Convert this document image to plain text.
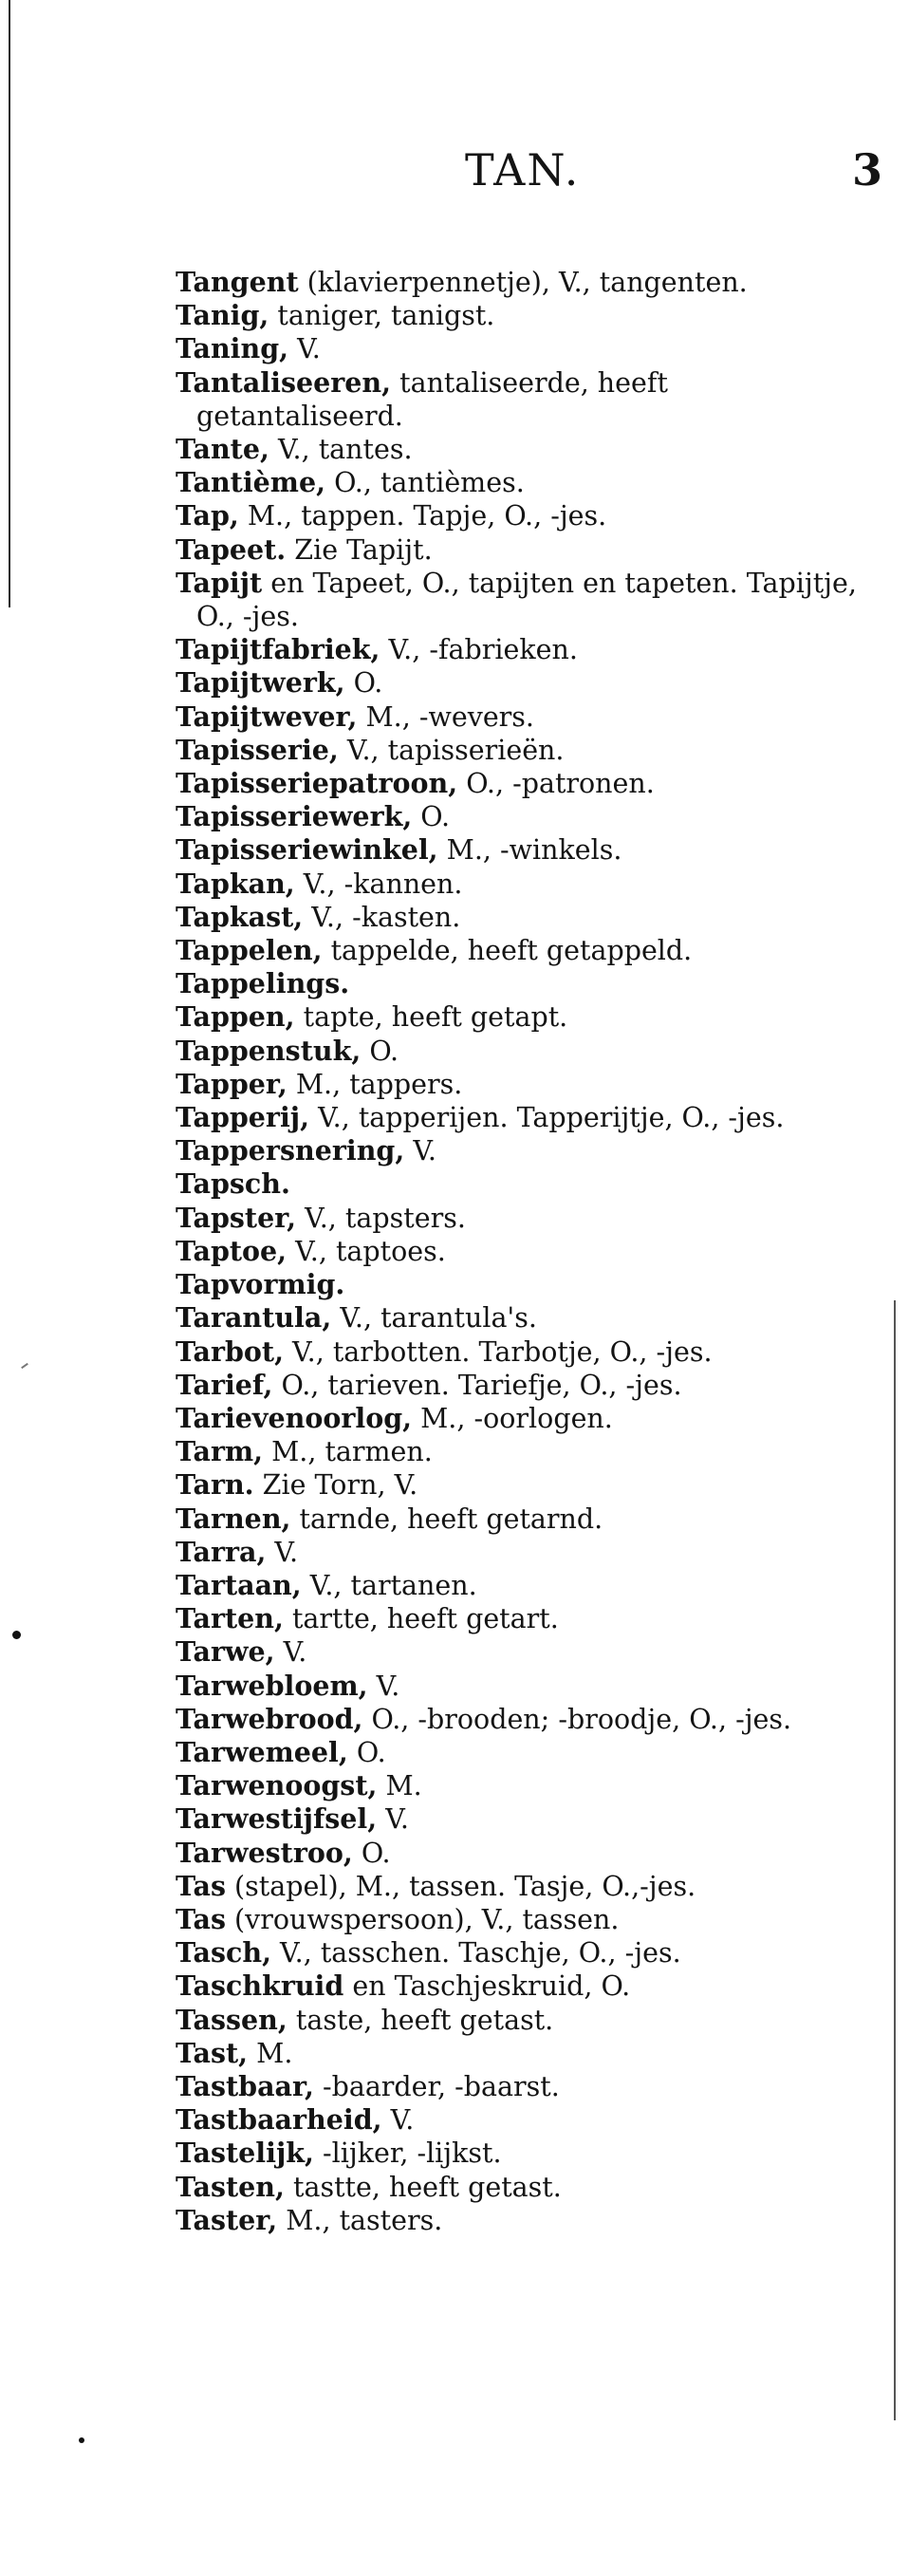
TAN.	3
Tangent (klavierpennetje), V., tangenten.
Tanig, taniger, tanigst.
Taning, V.
Tantaliseeren, tantaliseerde, heeft getantaliseerd.
Tante, V., tantes.
Tantième, O., tantièmes.
Tap, M., tappen. Tapje, O., -jes.
Tapeet. Zie Tapijt.
Tapijt en Tapeet, O., tapijten en tapeten. Tapijtje, O., -jes.
Tapijtfabriek, V., -fabrieken.
Tapijtwerk, O.
Tapijtwever, M., -wevers.
Tapisserie, V., tapisserieën.
Tapisseriepatroon, O., -patronen.
Tapisseriewerk, O.
Tapisseriewinkel, M., -winkels.
Tapkan, V., -kannen.
Tapkast, V., -kasten.
Tappelen, tappelde, heeft getappeld.
Tappelings.
Tappen, tapte, heeft getapt.
Tappenstuk, O.
Tapper, M., tappers.
Tapperij, V., tapperijen. Tapperijtje, O., -jes.
Tappersnering, V.
Tapsch.
Tapster, V., tapsters.
Taptoe, V., taptoes.
Tapvormig.
Tarantula, V., tarantula's.
Tarbot, V., tarbotten. Tarbotje, O., -jes.
Tarief, O., tarieven. Tariefje, O., -jes.
Tarievenoorlog, M., -oorlogen.
Tarm, M., tarmen.
Tarn. Zie Torn, V.
Tarnen, tarnde, heeft getarnd.
Tarra, V.
Tartaan, V., tartanen.
Tarten, tartte, heeft getart.
Tarwe, V.
Tarwebloem, V.
Tarwebrood, O., -brooden; -broodje, O., -jes.
Tarwemeel, O.
Tarwenoogst, M.
Tarwestijfsel, V.
Tarwestroo, O.
Tas (stapel), M., tassen. Tasje, O.,-jes.
Tas (vrouwspersoon), V., tassen.
Tasch, V., tasschen. Taschje, O., -jes.
Taschkruid en Taschjeskruid, O.
Tassen, taste, heeft getast.
Tast, M.
Tastbaar, -baarder, -baarst.
Tastbaarheid, V.
Tastelijk, -lijker, -lijkst.
Tasten, tastte, heeft getast.
Taster, M., tasters.
